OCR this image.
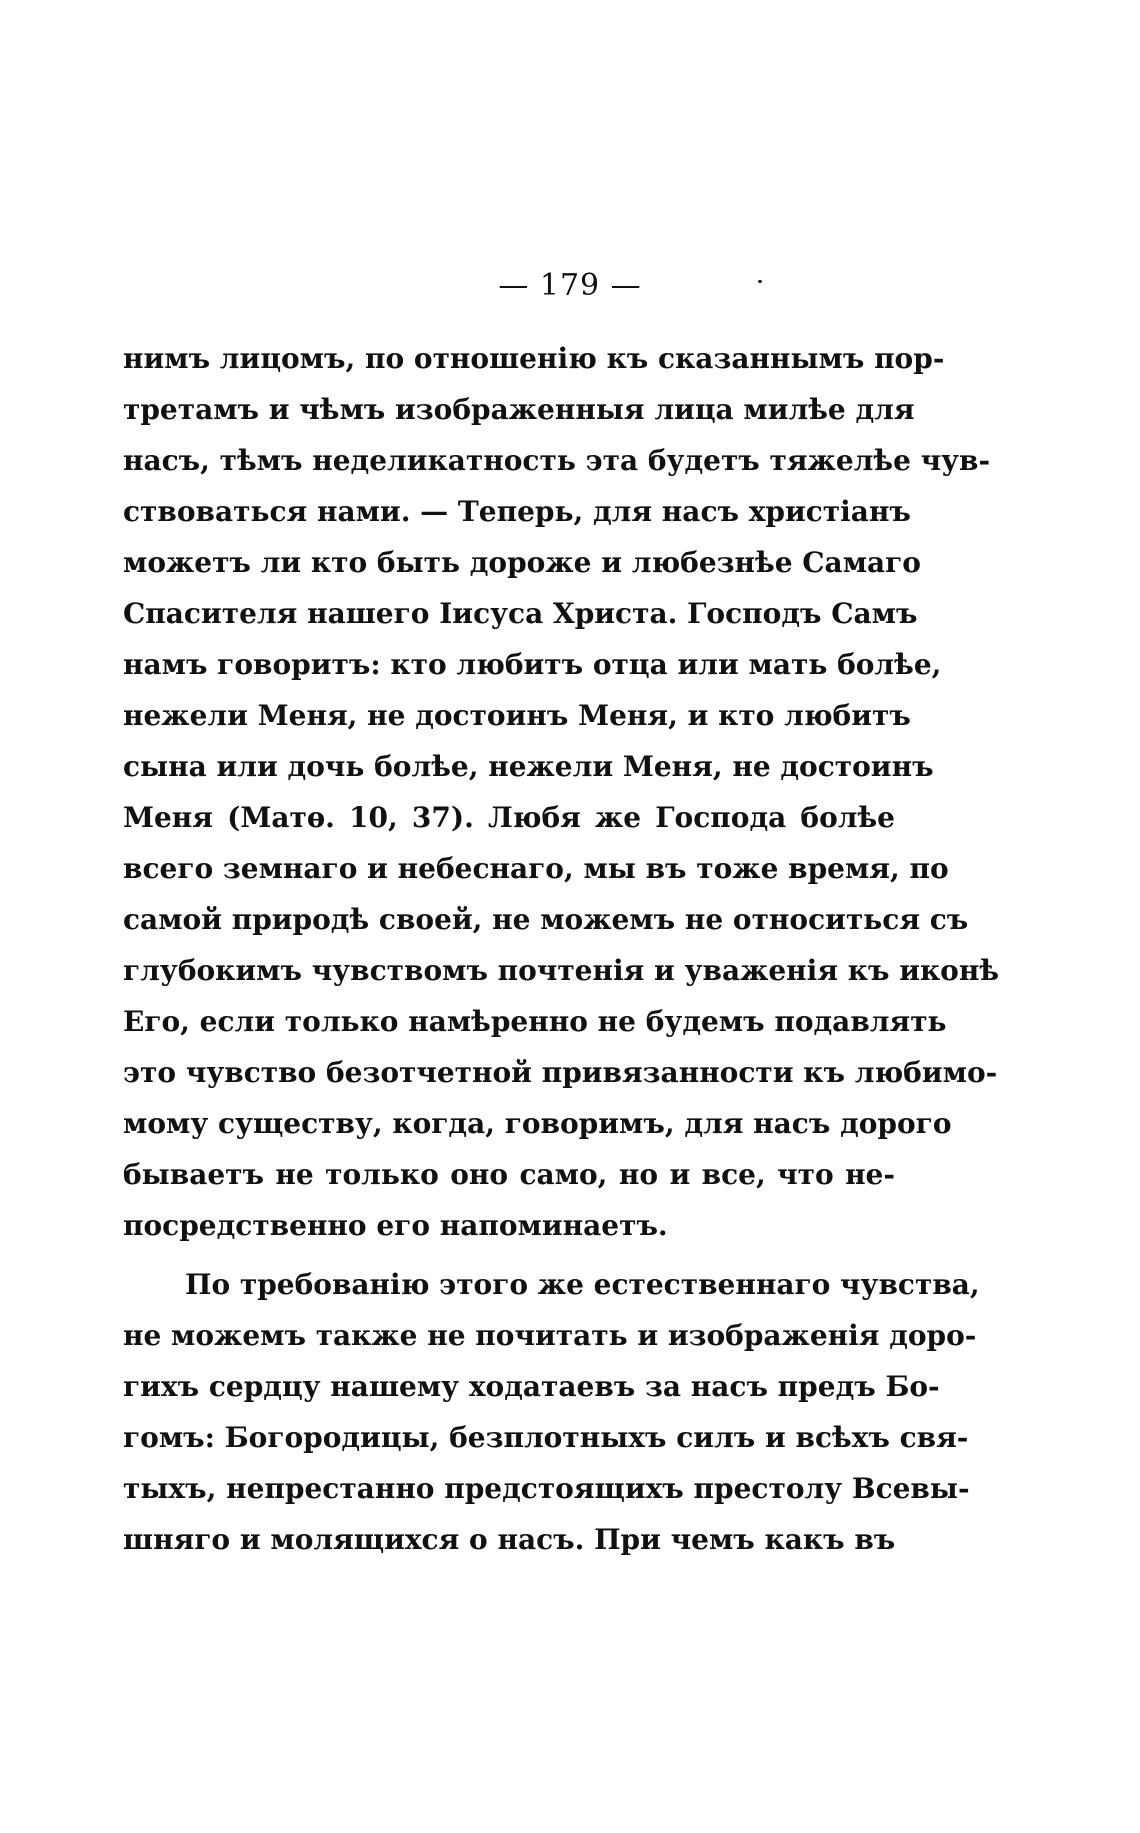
— 179 —
нимъ лицомъ, по отношенію къ сказаннымъ пор-
третамъ и чѣмъ изображенныя лица милѣе для
насъ, тѣмъ неделикатность эта будетъ тяжелѣе чув-
ствоваться нами. — Теперь, для насъ христіанъ
можетъ ли кто быть дороже и любезнѣе Самаго
Спасителя нашего Іисуса Христа. Господъ Самъ
намъ говоритъ: кто любитъ отца или мать болѣе,
нежели Меня, не достоинъ Меня, и кто любитъ
сына или дочь болѣе, нежели Меня, не достоинъ
Меня (Матѳ. 10, 37). Любя же Господа болѣе
всего земнаго и небеснаго, мы въ тоже время, по
самой природѣ своей, не можемъ не относиться съ
глубокимъ чувствомъ почтенія и уваженія къ иконѣ
Его, если только намѣренно не будемъ подавлять
это чувство безотчетной привязанности къ любимо-
мому существу, когда, говоримъ, для насъ дорого
бываетъ не только оно само, но и все, что не-
посредственно его напоминаетъ.
По требованію этого же естественнаго чувства,
не можемъ также не почитать и изображенія доро-
гихъ сердцу нашему ходатаевъ за насъ предъ Бо-
гомъ: Богородицы, безплотныхъ силъ и всѣхъ свя-
тыхъ, непрестанно предстоящихъ престолу Всевы-
шняго и молящихся о насъ. При чемъ какъ въ
